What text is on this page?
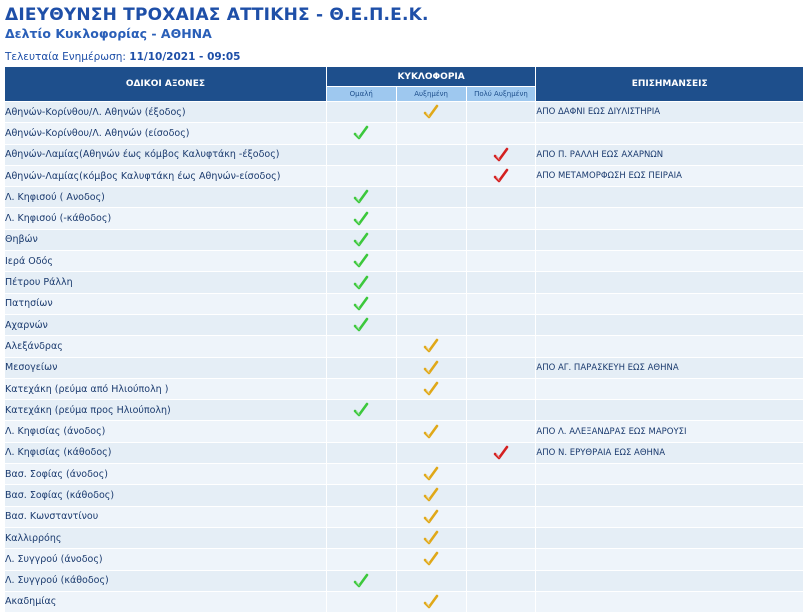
ΔΙΕΥΘΥΝΣΗ ΤΡΟΧΑΙΑΣ ΑΤΤΙΚΗΣ - Θ.Ε.Π.Ε.Κ.
Δελτίο Κυκλοφορίας - ΑΘΗΝΑ
Τελευταία Ενημέρωση: 11/10/2021 - 09:05
ΟΔΙΚΟΙ ΑΞΟΝΕΣ	ΚΥΚΛΟΦΟΡΙΑ			ΕΠΙΣΗΜΑΝΣΕΙΣ
	Ομαλή	Αυξημένη	Πολύ Αυξημένη	
Αθηνών-Κορίνθου/Λ. Αθηνών (έξοδος)				ΑΠΟ ΔΑΦΝΙ ΕΩΣ ΔΙΥΛΙΣΤΗΡΙΑ
Αθηνών-Κορίνθου/Λ. Αθηνών (είσοδος)				
Αθηνών-Λαμίας(Αθηνών έως κόμβος Καλυφτάκη -έξοδος)				ΑΠΟ Π. ΡΑΛΛΗ ΕΩΣ ΑΧΑΡΝΩΝ
Αθηνών-Λαμίας(κόμβος Καλυφτάκη έως Αθηνών-είσοδος)				ΑΠΟ ΜΕΤΑΜΟΡΦΩΣΗ ΕΩΣ ΠΕΙΡΑΙΑ
Λ. Κηφισού ( Ανοδος)				
Λ. Κηφισού (-κάθοδος)				
Θηβών				
Ιερά Οδός				
Πέτρου Ράλλη				
Πατησίων				
Αχαρνών				
Αλεξάνδρας				
Μεσογείων				ΑΠΟ ΑΓ. ΠΑΡΑΣΚΕΥΗ ΕΩΣ ΑΘΗΝΑ
Κατεχάκη (ρεύμα από Ηλιούπολη )				
Κατεχάκη (ρεύμα προς Ηλιούπολη)				
Λ. Κηφισίας (άνοδος)				ΑΠΟ Λ. ΑΛΕΞΑΝΔΡΑΣ ΕΩΣ ΜΑΡΟΥΣΙ
Λ. Κηφισίας (κάθοδος)				ΑΠΟ Ν. ΕΡΥΘΡΑΙΑ ΕΩΣ ΑΘΗΝΑ
Βασ. Σοφίας (άνοδος)				
Βασ. Σοφίας (κάθοδος)				
Βασ. Κωνσταντίνου				
Καλλιρρόης				
Λ. Συγγρού (άνοδος)				
Λ. Συγγρού (κάθοδος)				
Ακαδημίας				
